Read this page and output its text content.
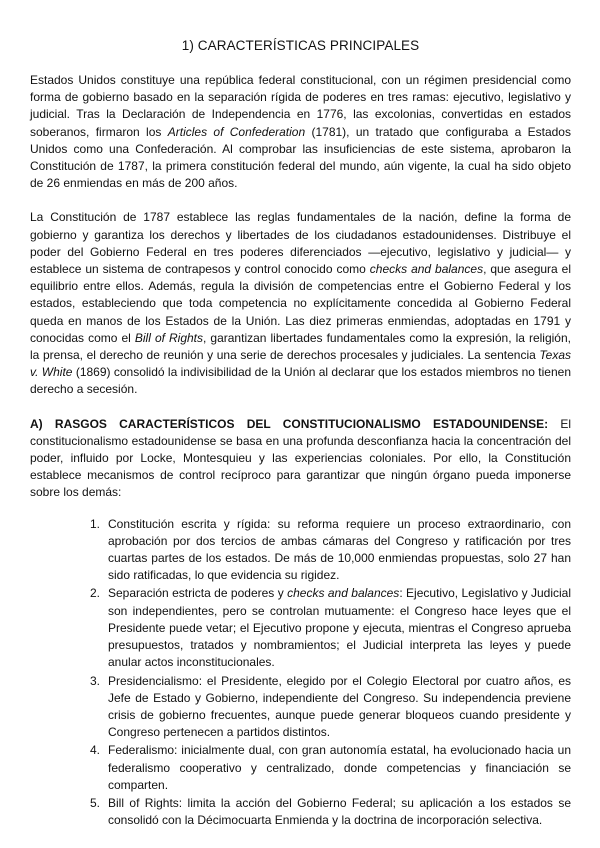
1) CARACTERÍSTICAS PRINCIPALES

Estados Unidos constituye una república federal constitucional, con un régimen presidencial como forma de gobierno basado en la separación rígida de poderes en tres ramas: ejecutivo, legislativo y judicial. Tras la Declaración de Independencia en 1776, las excolonias, convertidas en estados soberanos, firmaron los Articles of Confederation (1781), un tratado que configuraba a Estados Unidos como una Confederación. Al comprobar las insuficiencias de este sistema, aprobaron la Constitución de 1787, la primera constitución federal del mundo, aún vigente, la cual ha sido objeto de 26 enmiendas en más de 200 años.

La Constitución de 1787 establece las reglas fundamentales de la nación, define la forma de gobierno y garantiza los derechos y libertades de los ciudadanos estadounidenses. Distribuye el poder del Gobierno Federal en tres poderes diferenciados —ejecutivo, legislativo y judicial— y establece un sistema de contrapesos y control conocido como checks and balances, que asegura el equilibrio entre ellos. Además, regula la división de competencias entre el Gobierno Federal y los estados, estableciendo que toda competencia no explícitamente concedida al Gobierno Federal queda en manos de los Estados de la Unión. Las diez primeras enmiendas, adoptadas en 1791 y conocidas como el Bill of Rights, garantizan libertades fundamentales como la expresión, la religión, la prensa, el derecho de reunión y una serie de derechos procesales y judiciales. La sentencia Texas v. White (1869) consolidó la indivisibilidad de la Unión al declarar que los estados miembros no tienen derecho a secesión.

A) RASGOS CARACTERÍSTICOS DEL CONSTITUCIONALISMO ESTADOUNIDENSE: El constitucionalismo estadounidense se basa en una profunda desconfianza hacia la concentración del poder, influido por Locke, Montesquieu y las experiencias coloniales. Por ello, la Constitución establece mecanismos de control recíproco para garantizar que ningún órgano pueda imponerse sobre los demás:

1. Constitución escrita y rígida: su reforma requiere un proceso extraordinario, con aprobación por dos tercios de ambas cámaras del Congreso y ratificación por tres cuartas partes de los estados. De más de 10,000 enmiendas propuestas, solo 27 han sido ratificadas, lo que evidencia su rigidez.
2. Separación estricta de poderes y checks and balances: Ejecutivo, Legislativo y Judicial son independientes, pero se controlan mutuamente: el Congreso hace leyes que el Presidente puede vetar; el Ejecutivo propone y ejecuta, mientras el Congreso aprueba presupuestos, tratados y nombramientos; el Judicial interpreta las leyes y puede anular actos inconstitucionales.
3. Presidencialismo: el Presidente, elegido por el Colegio Electoral por cuatro años, es Jefe de Estado y Gobierno, independiente del Congreso. Su independencia previene crisis de gobierno frecuentes, aunque puede generar bloqueos cuando presidente y Congreso pertenecen a partidos distintos.
4. Federalismo: inicialmente dual, con gran autonomía estatal, ha evolucionado hacia un federalismo cooperativo y centralizado, donde competencias y financiación se comparten.
5. Bill of Rights: limita la acción del Gobierno Federal; su aplicación a los estados se consolidó con la Décimocuarta Enmienda y la doctrina de incorporación selectiva.
